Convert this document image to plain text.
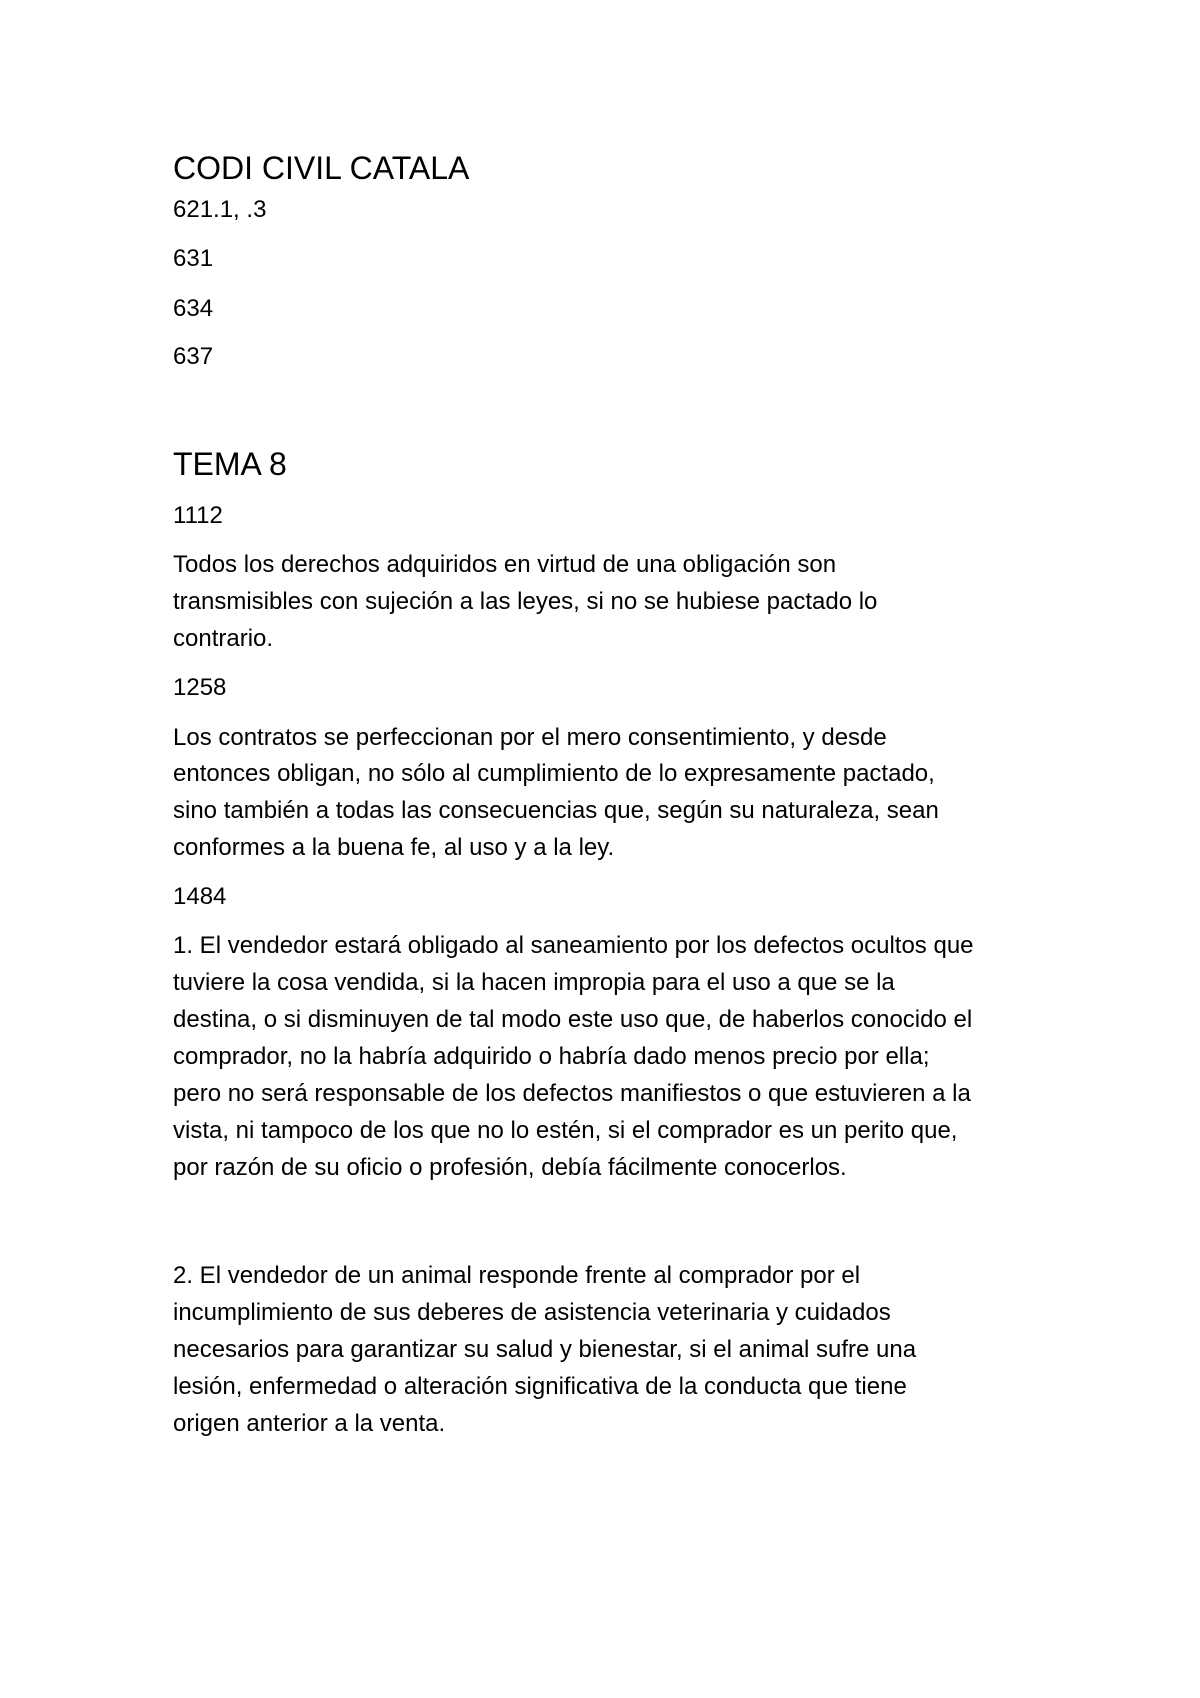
CODI CIVIL CATALA
621.1, .3
631
634
637
TEMA 8
1112
Todos los derechos adquiridos en virtud de una obligación son
transmisibles con sujeción a las leyes, si no se hubiese pactado lo
contrario.
1258
Los contratos se perfeccionan por el mero consentimiento, y desde
entonces obligan, no sólo al cumplimiento de lo expresamente pactado,
sino también a todas las consecuencias que, según su naturaleza, sean
conformes a la buena fe, al uso y a la ley.
1484
1. El vendedor estará obligado al saneamiento por los defectos ocultos que
tuviere la cosa vendida, si la hacen impropia para el uso a que se la
destina, o si disminuyen de tal modo este uso que, de haberlos conocido el
comprador, no la habría adquirido o habría dado menos precio por ella;
pero no será responsable de los defectos manifiestos o que estuvieren a la
vista, ni tampoco de los que no lo estén, si el comprador es un perito que,
por razón de su oficio o profesión, debía fácilmente conocerlos.
2. El vendedor de un animal responde frente al comprador por el
incumplimiento de sus deberes de asistencia veterinaria y cuidados
necesarios para garantizar su salud y bienestar, si el animal sufre una
lesión, enfermedad o alteración significativa de la conducta que tiene
origen anterior a la venta.
